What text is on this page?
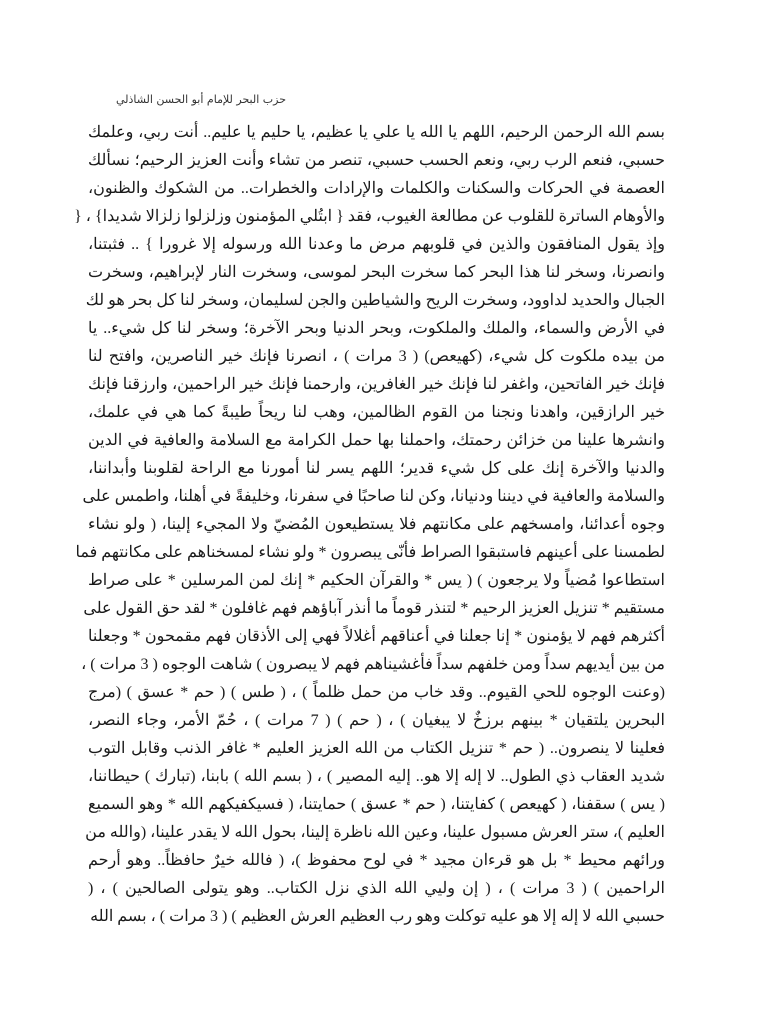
حزب البحر للإمام أبو الحسن الشاذلي
بسم الله الرحمن الرحيم، اللهم يا الله يا علي يا عظيم، يا حليم يا عليم.. أنت ربي، وعلمك
حسبي، فنعم الرب ربي، ونعم الحسب حسبي، تنصر من تشاء وأنت العزيز الرحيم؛ نسألك
العصمة في الحركات والسكنات والكلمات والإرادات والخطرات.. من الشكوك والظنون،
والأوهام الساترة للقلوب عن مطالعة الغيوب، فقد { ابتُلي المؤمنون وزلزلوا زلزالا شديدا} ، {
وإذ يقول المنافقون والذين في قلوبهم مرض ما وعدنا الله ورسوله إلا غرورا } .. فثبتنا،
وانصرنا، وسخر لنا هذا البحر كما سخرت البحر لموسى، وسخرت النار لإبراهيم، وسخرت
الجبال والحديد لداوود، وسخرت الريح والشياطين والجن لسليمان، وسخر لنا كل بحر هو لك
في الأرض والسماء، والملك والملكوت، وبحر الدنيا وبحر الآخرة؛ وسخر لنا كل شيء.. يا
من بيده ملكوت كل شيء، (كهيعص) ( 3 مرات ) ، انصرنا فإنك خير الناصرين، وافتح لنا
فإنك خير الفاتحين، واغفر لنا فإنك خير الغافرين، وارحمنا فإنك خير الراحمين، وارزقنا فإنك
خير الرازقين، واهدنا ونجنا من القوم الظالمين، وهب لنا ريحاً طيبةً كما هي في علمك،
وانشرها علينا من خزائن رحمتك، واحملنا بها حمل الكرامة مع السلامة والعافية في الدين
والدنيا والآخرة إنك على كل شيء قدير؛ اللهم يسر لنا أمورنا مع الراحة لقلوبنا وأبداننا،
والسلامة والعافية في ديننا ودنيانا، وكن لنا صاحبًا في سفرنا، وخليفةً في أهلنا، واطمس على
وجوه أعدائنا، وامسخهم على مكانتهم فلا يستطيعون المُضيّ ولا المجيء إلينا، ( ولو نشاء
لطمسنا على أعينهم فاستبقوا الصراط فأنّى يبصرون * ولو نشاء لمسخناهم على مكانتهم فما
استطاعوا مُضياً ولا يرجعون ) ( يس * والقرآن الحكيم * إنك لمن المرسلين * على صراط
مستقيم * تنزيل العزيز الرحيم * لتنذر قوماً ما أنذر آباؤهم فهم غافلون * لقد حق القول على
أكثرهم فهم لا يؤمنون * إنا جعلنا في أعناقهم أغلالاً فهي إلى الأذقان فهم مقمحون * وجعلنا
من بين أيديهم سداً ومن خلفهم سداً فأغشيناهم فهم لا يبصرون ) شاهت الوجوه ( 3 مرات ) ،
(وعنت الوجوه للحي القيوم.. وقد خاب من حمل ظلماً ) ، ( طس ) ( حم * عسق ) (مرج
البحرين يلتقيان * بينهم برزخٌ لا يبغيان ) ، ( حم ) ( 7 مرات ) ، حُمّ الأمر، وجاء النصر،
فعلينا لا ينصرون.. ( حم * تنزيل الكتاب من الله العزيز العليم * غافر الذنب وقابل التوب
شديد العقاب ذي الطول.. لا إله إلا هو.. إليه المصير ) ، ( بسم الله ) بابنا، (تبارك ) حيطاننا،
( يس ) سقفنا، ( كهيعص ) كفايتنا، ( حم * عسق ) حمايتنا، ( فسيكفيكهم الله * وهو السميع
العليم )، ستر العرش مسبول علينا، وعين الله ناظرة إلينا، بحول الله لا يقدر علينا، (والله من
ورائهم محيط * بل هو قرءان مجيد * في لوح محفوظ )، ( فالله خيرٌ حافظاً.. وهو أرحم
الراحمين ) ( 3 مرات ) ، ( إن وليي الله الذي نزل الكتاب.. وهو يتولى الصالحين ) ، (
حسبي الله لا إله إلا هو عليه توكلت وهو رب العظيم العرش العظيم ) ( 3 مرات ) ، بسم الله
